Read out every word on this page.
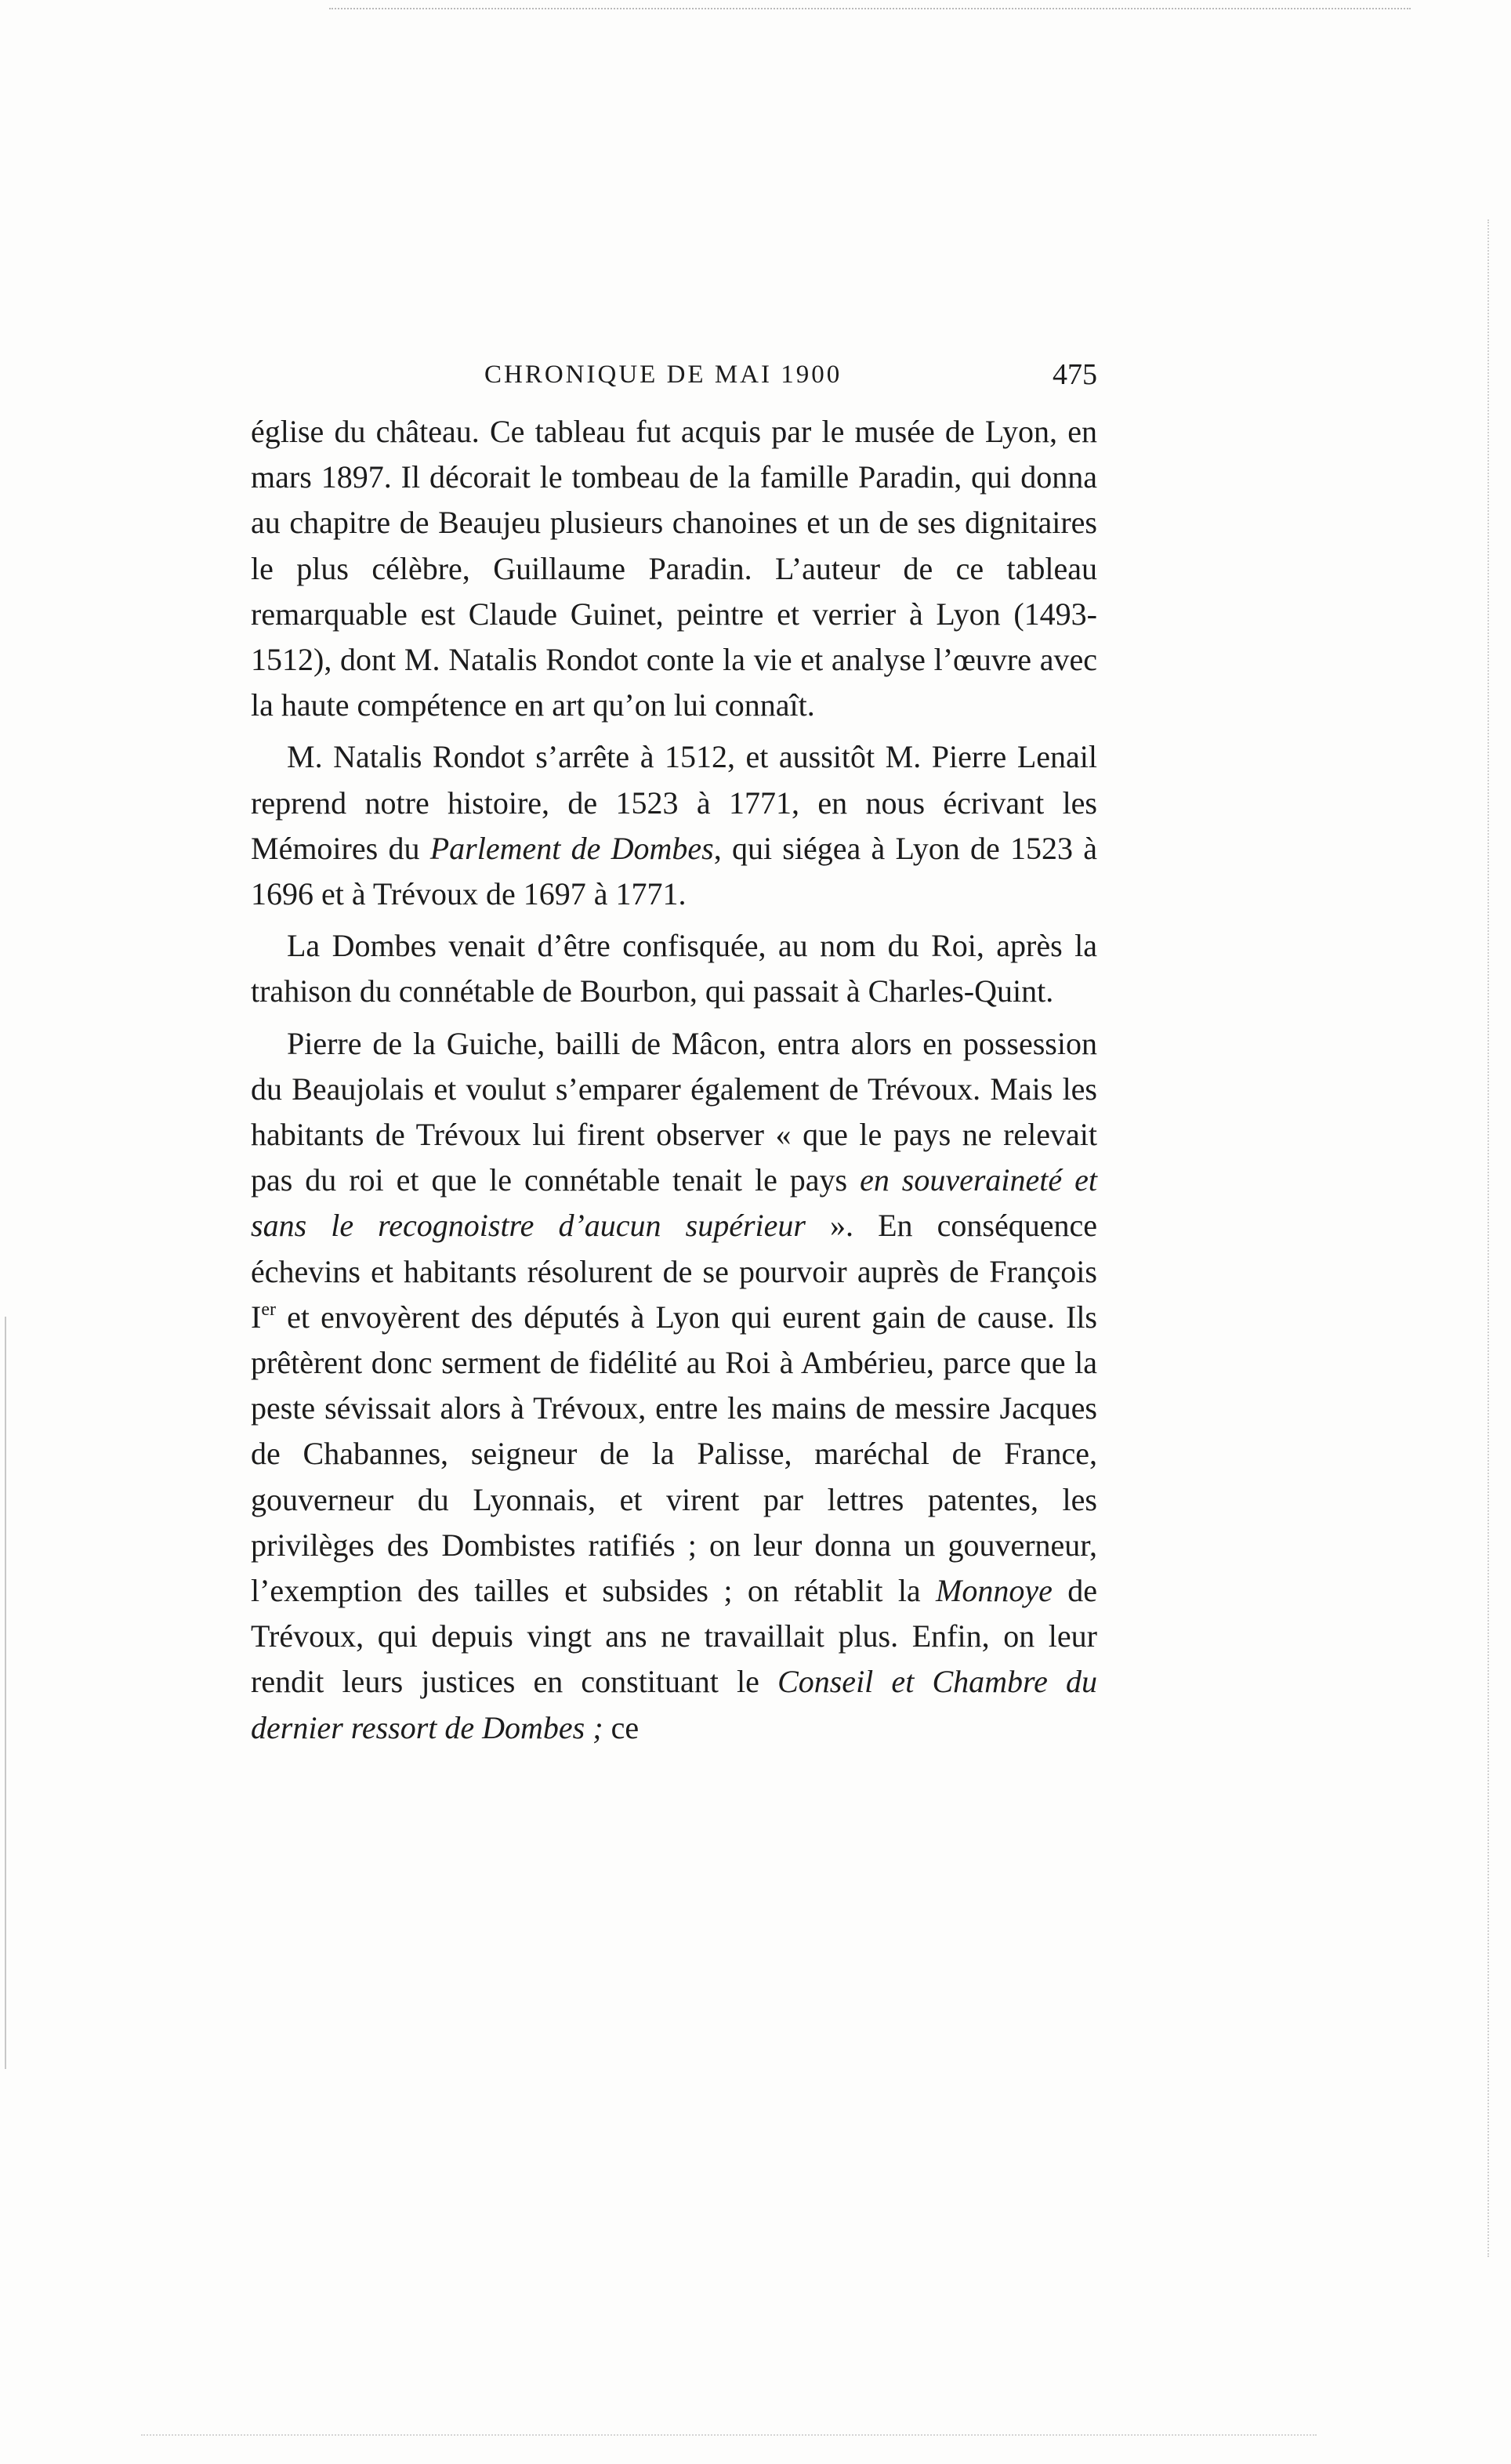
CHRONIQUE DE MAI 1900	475

église du château. Ce tableau fut acquis par le musée de Lyon, en mars 1897. Il décorait le tombeau de la famille Paradin, qui donna au chapitre de Beaujeu plusieurs chanoines et un de ses dignitaires le plus célèbre, Guillaume Paradin. L’auteur de ce tableau remarquable est Claude Guinet, peintre et verrier à Lyon (1493-1512), dont M. Natalis Rondot conte la vie et analyse l’œuvre avec la haute compétence en art qu’on lui connaît.

M. Natalis Rondot s’arrête à 1512, et aussitôt M. Pierre Lenail reprend notre histoire, de 1523 à 1771, en nous écrivant les Mémoires du Parlement de Dombes, qui siégea à Lyon de 1523 à 1696 et à Trévoux de 1697 à 1771.

La Dombes venait d’être confisquée, au nom du Roi, après la trahison du connétable de Bourbon, qui passait à Charles-Quint.

Pierre de la Guiche, bailli de Mâcon, entra alors en possession du Beaujolais et voulut s’emparer également de Trévoux. Mais les habitants de Trévoux lui firent observer « que le pays ne relevait pas du roi et que le connétable tenait le pays en souveraineté et sans le recognoistre d’aucun supérieur ». En conséquence échevins et habitants résolurent de se pourvoir auprès de François Ier et envoyèrent des députés à Lyon qui eurent gain de cause. Ils prêtèrent donc serment de fidélité au Roi à Ambérieu, parce que la peste sévissait alors à Trévoux, entre les mains de messire Jacques de Chabannes, seigneur de la Palisse, maréchal de France, gouverneur du Lyonnais, et virent par lettres patentes, les privilèges des Dombistes ratifiés ; on leur donna un gouverneur, l’exemption des tailles et subsides ; on rétablit la Monnoye de Trévoux, qui depuis vingt ans ne travaillait plus. Enfin, on leur rendit leurs justices en constituant le Conseil et Chambre du dernier ressort de Dombes ; ce
